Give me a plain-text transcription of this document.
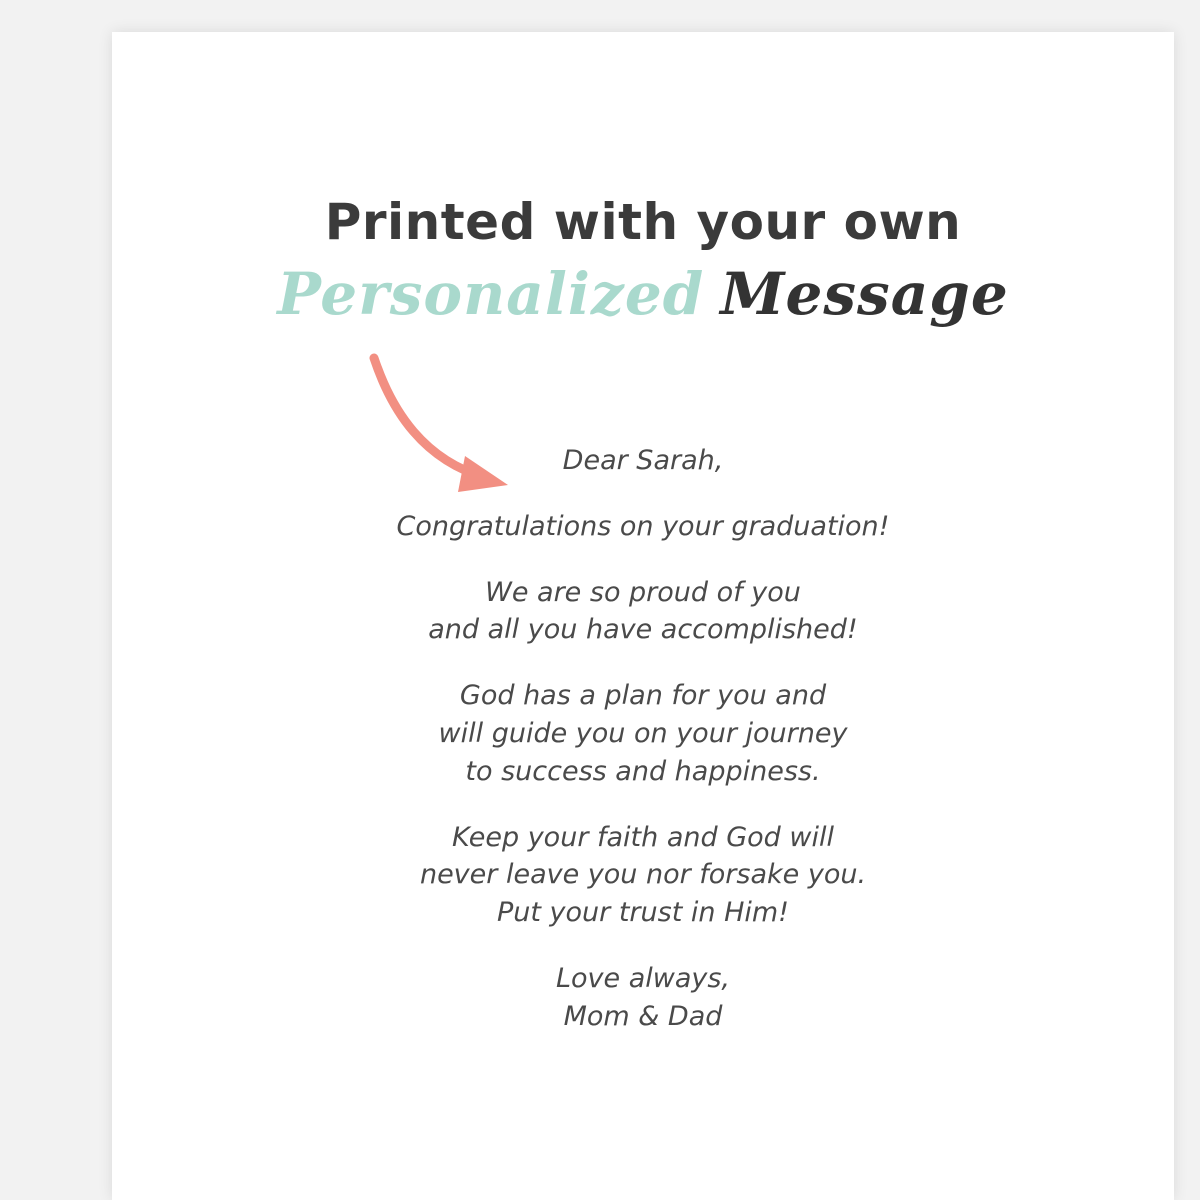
Printed with your own
Personalized Message
Dear Sarah,
Congratulations on your graduation!
We are so proud of you
and all you have accomplished!
God has a plan for you and
will guide you on your journey
to success and happiness.
Keep your faith and God will
never leave you nor forsake you.
Put your trust in Him!
Love always,
Mom & Dad
